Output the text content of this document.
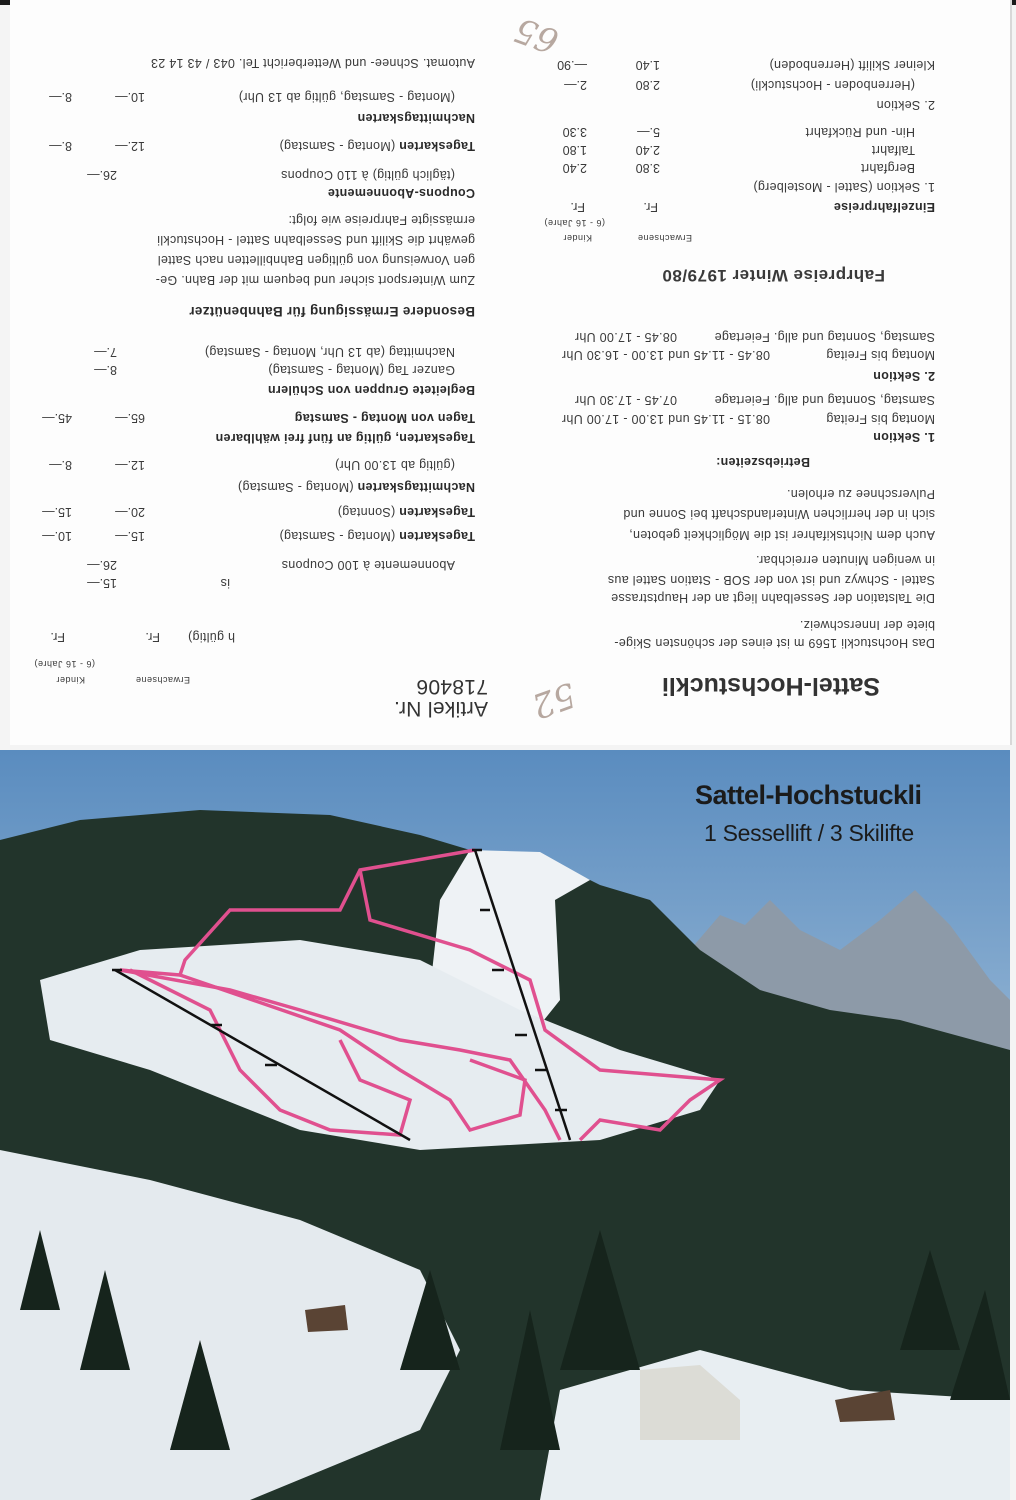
Sattel-Hochstuckli
Das Hochstuckli 1569 m ist eines der schönsten Skige-
biete der Innerschweiz.
Die Talstation der Sesselbahn liegt an der Hauptstrasse
Sattel - Schwyz und ist von der SOB - Station Sattel aus
in wenigen Minuten erreichbar.
Auch dem Nichtskifahrer ist die Möglichkeit geboten,
sich in der herrlichen Winterlandschaft bei Sonne und
Pulverschnee zu erholen.
Betriebszeiten:
1. Sektion
Montag bis Freitag
08.15 - 11.45 und 13.00 - 17.00 Uhr
Samstag, Sonntag und allg. Feiertage
07.45 - 17.30 Uhr
2. Sektion
Montag bis Freitag
08.45 - 11.45 und 13.00 - 16.30 Uhr
Samstag, Sonntag und allg. Feiertage
08.45 - 17.00 Uhr
Fahrpreise Winter 1979/80
Erwachsene
Kinder
(6 - 16 Jahre)
Einzelfahrpreise
Fr.
Fr.
1. Sektion (Sattel - Mostelberg)
Bergfahrt
3.80
2.40
Talfahrt
2.40
1.80
Hin- und Rückfahrt
5.—
3.30
2. Sektion
(Herrenboden - Hochstuckli)
2.80
2.—
Kleiner Skilift (Herrenboden)
1.40
—.90
Artikel Nr.
718406
Erwachsene
Kinder
(6 - 16 Jahre)
h gültig)
Fr.
Fr.
is
15.—
Abonnemente à 100 Coupons
26.—
Tageskarten (Montag - Samstag)
15.—
10.—
Tageskarten (Sonntag)
20.—
15.—
Nachmittagskarten (Montag - Samstag)
(gültig ab 13.00 Uhr)
12.—
8.—
Tageskarten, gültig an fünf frei wählbaren
Tagen von Montag - Samstag
65.—
45.—
Begleitete Gruppen von Schülern
Ganzer Tag (Montag - Samstag)
8.—
Nachmittag (ab 13 Uhr, Montag - Samstag)
7.—
Besondere Ermässigung für Bahnbenützer
Zum Wintersport sicher und bequem mit der Bahn. Ge-
gen Vorweisung von gültigen Bahnbilletten nach Sattel
gewährt die Skilift und Sesselbahn Sattel - Hochstuckli
ermässigte Fahrpreise wie folgt:
Coupons-Abonnemente
(täglich gültig) à 110 Coupons
26.—
Tageskarten (Montag - Samstag)
12.—
8.—
Nachmittagskarten
(Montag - Samstag, gültig ab 13 Uhr)
10.—
8.—
Automat. Schnee- und Wetterbericht Tel. 043 / 43 14 23
52
65
Sattel-Hochstuckli
1 Sessellift / 3 Skilifte
